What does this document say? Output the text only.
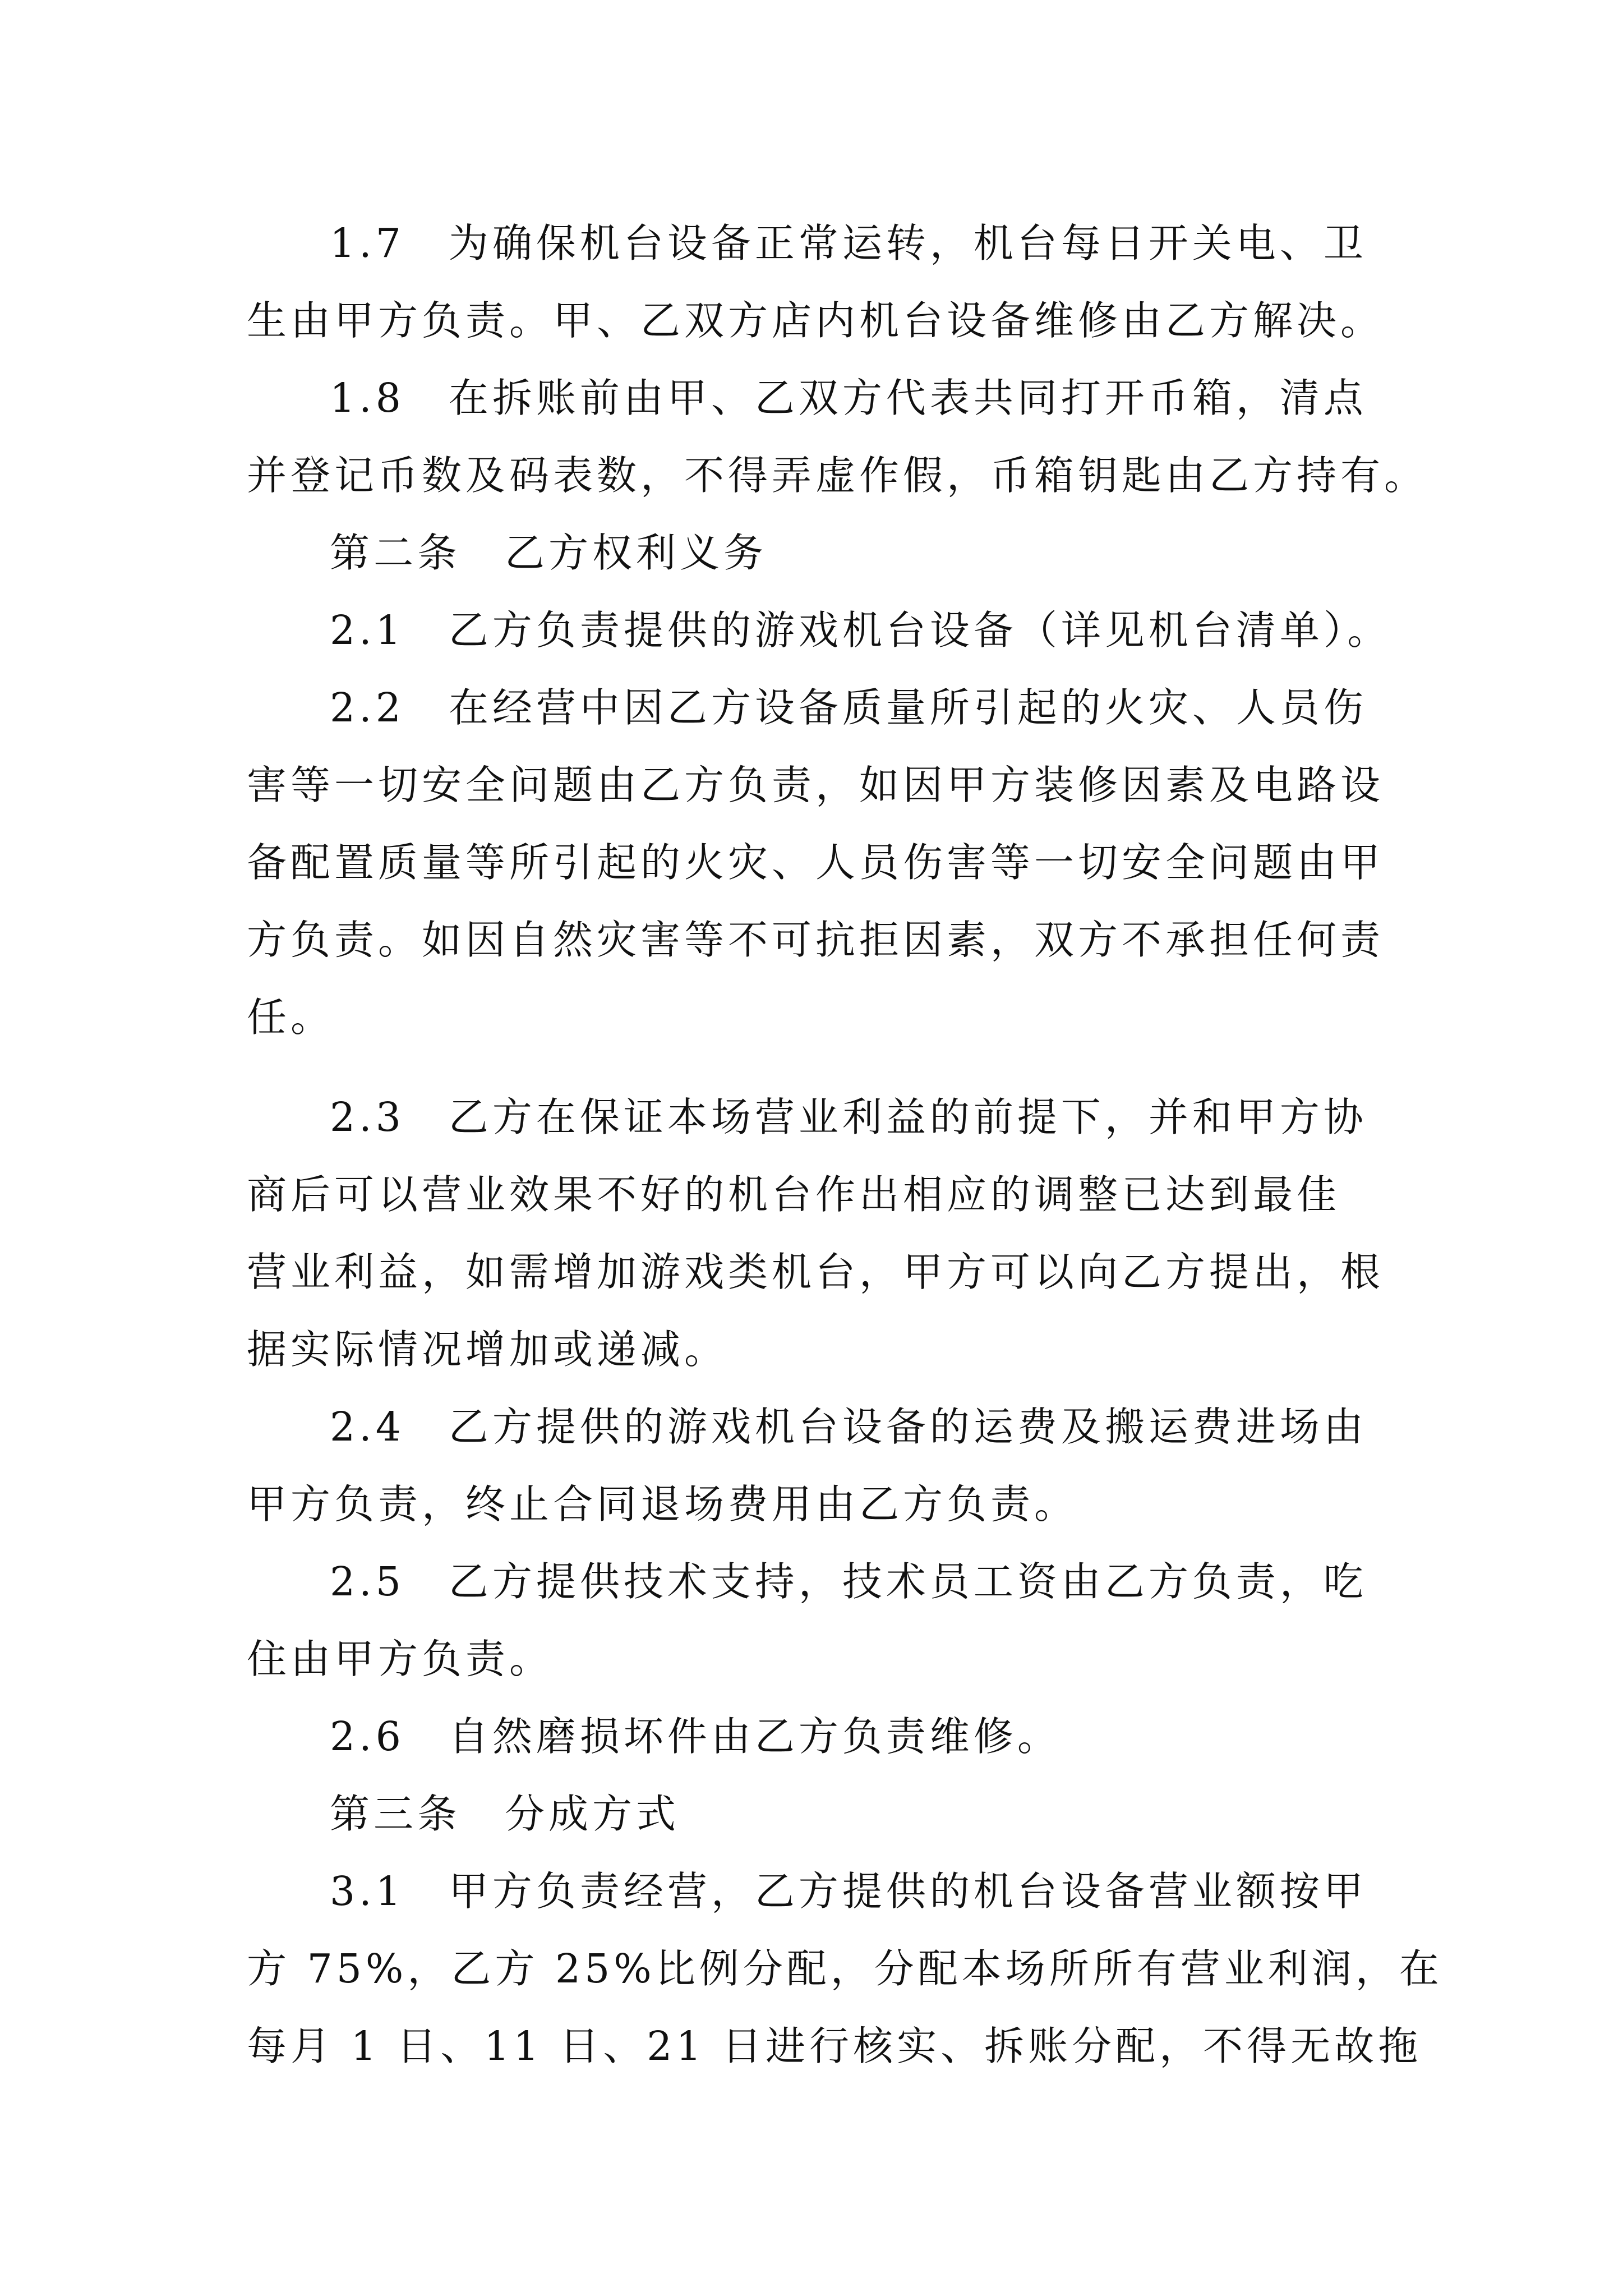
1.7　为确保机台设备正常运转，机台每日开关电、卫
生由甲方负责。甲、乙双方店内机台设备维修由乙方解决。
1.8　在拆账前由甲、乙双方代表共同打开币箱，清点
并登记币数及码表数，不得弄虚作假，币箱钥匙由乙方持有。
第二条　乙方权利义务
2.1　乙方负责提供的游戏机台设备（详见机台清单）。
2.2　在经营中因乙方设备质量所引起的火灾、人员伤
害等一切安全问题由乙方负责，如因甲方装修因素及电路设
备配置质量等所引起的火灾、人员伤害等一切安全问题由甲
方负责。如因自然灾害等不可抗拒因素，双方不承担任何责
任。
2.3　乙方在保证本场营业利益的前提下，并和甲方协
商后可以营业效果不好的机台作出相应的调整已达到最佳
营业利益，如需增加游戏类机台，甲方可以向乙方提出，根
据实际情况增加或递减。
2.4　乙方提供的游戏机台设备的运费及搬运费进场由
甲方负责，终止合同退场费用由乙方负责。
2.5　乙方提供技术支持，技术员工资由乙方负责，吃
住由甲方负责。
2.6　自然磨损坏件由乙方负责维修。
第三条　分成方式
3.1　甲方负责经营，乙方提供的机台设备营业额按甲
方 75%，乙方 25%比例分配，分配本场所所有营业利润，在
每月 1 日、11 日、21 日进行核实、拆账分配，不得无故拖
